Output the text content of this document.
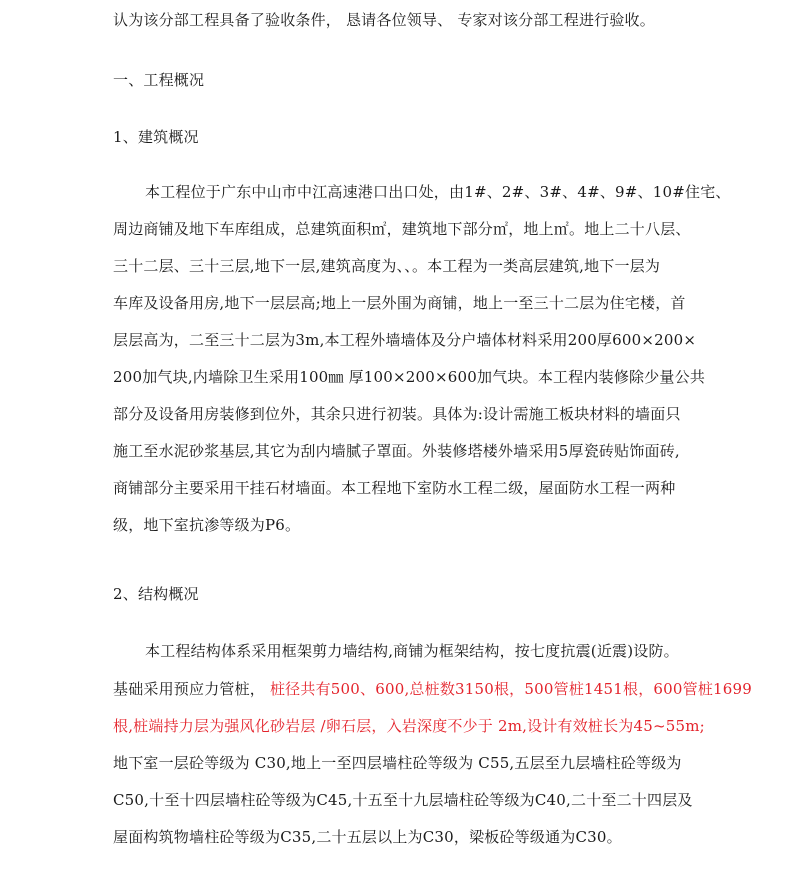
认为该分部工程具备了验收条件， 恳请各位领导、 专家对该分部工程进行验收。
一、工程概况
1、建筑概况
本工程位于广东中山市中江高速港口出口处，由1#、2#、3#、4#、9#、10#住宅、
周边商铺及地下车库组成，总建筑面积㎡，建筑地下部分㎡，地上㎡。地上二十八层、
三十二层、三十三层,地下一层,建筑高度为、、。本工程为一类高层建筑,地下一层为
车库及设备用房,地下一层层高;地上一层外围为商铺，地上一至三十二层为住宅楼，首
层层高为，二至三十二层为3m,本工程外墙墙体及分户墙体材料采用200厚600×200×
200加气块,内墙除卫生采用100㎜ 厚100×200×600加气块。本工程内装修除少量公共
部分及设备用房装修到位外，其余只进行初装。具体为:设计需施工板块材料的墙面只
施工至水泥砂浆基层,其它为刮内墙腻子罩面。外装修塔楼外墙采用5厚瓷砖贴饰面砖,
商铺部分主要采用干挂石材墙面。本工程地下室防水工程二级，屋面防水工程一两种
级，地下室抗渗等级为P6。
2、结构概况
本工程结构体系采用框架剪力墙结构,商铺为框架结构，按七度抗震(近震)设防。
基础采用预应力管桩， 桩径共有500、600,总桩数3150根，500管桩1451根，600管桩1699
根,桩端持力层为强风化砂岩层 /卵石层，入岩深度不少于 2m,设计有效桩长为45~55m;
地下室一层砼等级为 C30,地上一至四层墙柱砼等级为 C55,五层至九层墙柱砼等级为
C50,十至十四层墙柱砼等级为C45,十五至十九层墙柱砼等级为C40,二十至二十四层及
屋面构筑物墙柱砼等级为C35,二十五层以上为C30，梁板砼等级通为C30。
